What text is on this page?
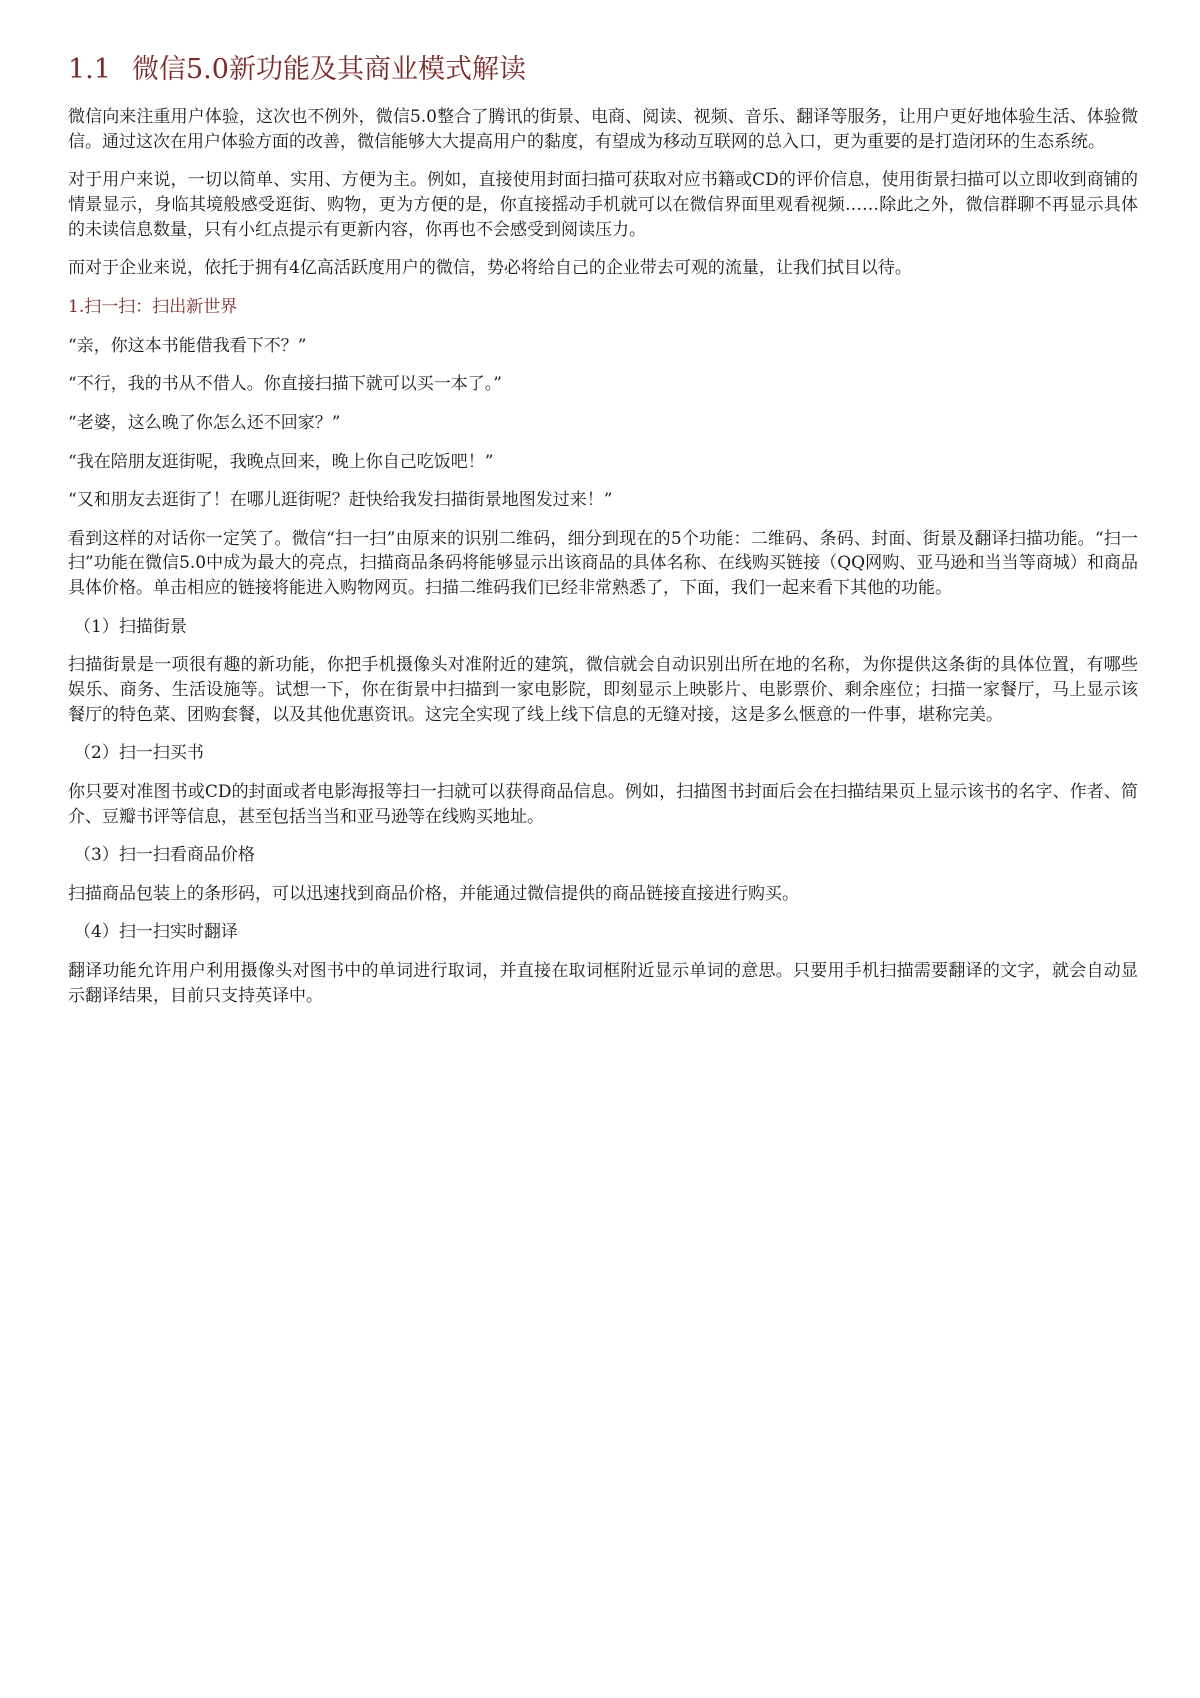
1.1 微信5.0新功能及其商业模式解读

微信向来注重用户体验，这次也不例外，微信5.0整合了腾讯的街景、电商、阅读、视频、音乐、翻译等服务，让用户更好地体验生活、体验微信。通过这次在用户体验方面的改善，微信能够大大提高用户的黏度，有望成为移动互联网的总入口，更为重要的是打造闭环的生态系统。

对于用户来说，一切以简单、实用、方便为主。例如，直接使用封面扫描可获取对应书籍或CD的评价信息，使用街景扫描可以立即收到商铺的情景显示，身临其境般感受逛街、购物，更为方便的是，你直接摇动手机就可以在微信界面里观看视频……除此之外，微信群聊不再显示具体的未读信息数量，只有小红点提示有更新内容，你再也不会感受到阅读压力。

而对于企业来说，依托于拥有4亿高活跃度用户的微信，势必将给自己的企业带去可观的流量，让我们拭目以待。

1.扫一扫：扫出新世界

“亲，你这本书能借我看下不？”

“不行，我的书从不借人。你直接扫描下就可以买一本了。”

“老婆，这么晚了你怎么还不回家？”

“我在陪朋友逛街呢，我晚点回来，晚上你自己吃饭吧！”

“又和朋友去逛街了！在哪儿逛街呢？赶快给我发扫描街景地图发过来！”

看到这样的对话你一定笑了。微信“扫一扫”由原来的识别二维码，细分到现在的5个功能：二维码、条码、封面、街景及翻译扫描功能。“扫一扫”功能在微信5.0中成为最大的亮点，扫描商品条码将能够显示出该商品的具体名称、在线购买链接（QQ网购、亚马逊和当当等商城）和商品具体价格。单击相应的链接将能进入购物网页。扫描二维码我们已经非常熟悉了，下面，我们一起来看下其他的功能。

（1）扫描街景

扫描街景是一项很有趣的新功能，你把手机摄像头对准附近的建筑，微信就会自动识别出所在地的名称，为你提供这条街的具体位置，有哪些娱乐、商务、生活设施等。试想一下，你在街景中扫描到一家电影院，即刻显示上映影片、电影票价、剩余座位；扫描一家餐厅，马上显示该餐厅的特色菜、团购套餐，以及其他优惠资讯。这完全实现了线上线下信息的无缝对接，这是多么惬意的一件事，堪称完美。

（2）扫一扫买书

你只要对准图书或CD的封面或者电影海报等扫一扫就可以获得商品信息。例如，扫描图书封面后会在扫描结果页上显示该书的名字、作者、简介、豆瓣书评等信息，甚至包括当当和亚马逊等在线购买地址。

（3）扫一扫看商品价格

扫描商品包装上的条形码，可以迅速找到商品价格，并能通过微信提供的商品链接直接进行购买。

（4）扫一扫实时翻译

翻译功能允许用户利用摄像头对图书中的单词进行取词，并直接在取词框附近显示单词的意思。只要用手机扫描需要翻译的文字，就会自动显示翻译结果，目前只支持英译中。
